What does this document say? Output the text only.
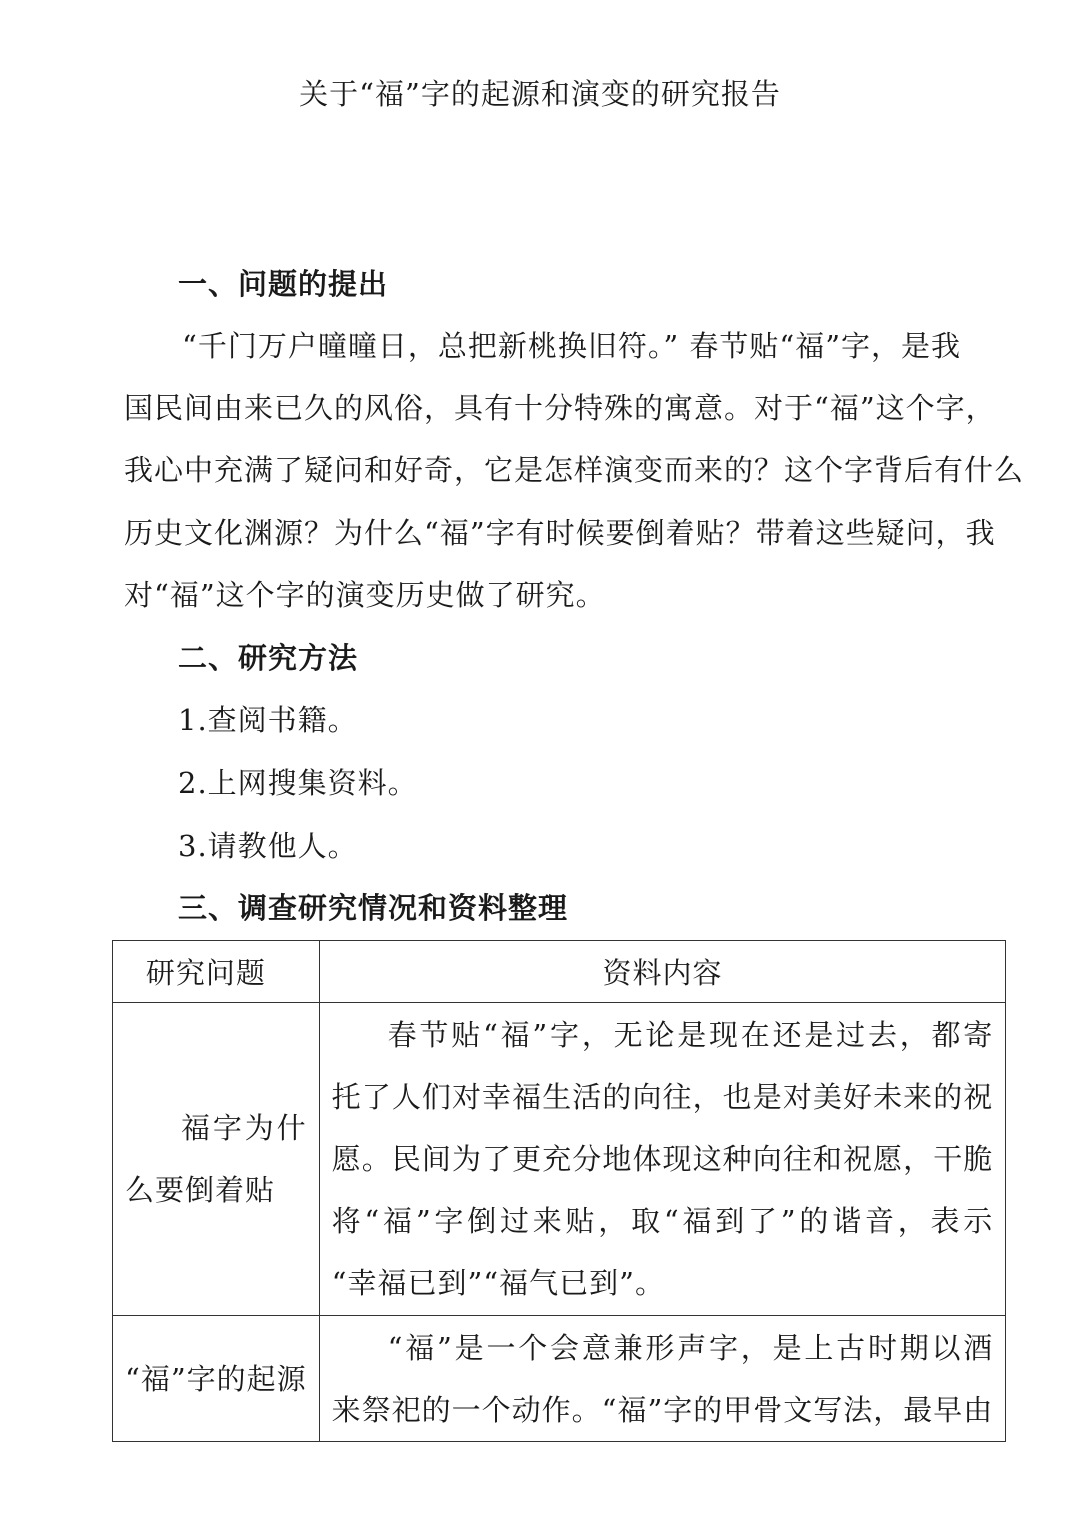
关于“福”字的起源和演变的研究报告
一、问题的提出
“千门万户曈曈日，总把新桃换旧符。” 春节贴“福”字，是我
国民间由来已久的风俗，具有十分特殊的寓意。对于“福”这个字，
我心中充满了疑问和好奇，它是怎样演变而来的？这个字背后有什么
历史文化渊源？为什么“福”字有时候要倒着贴？带着这些疑问，我
对“福”这个字的演变历史做了研究。
二、研究方法
1.查阅书籍。
2.上网搜集资料。
3.请教他人。
三、调查研究情况和资料整理
研究问题	资料内容

福字为什
么要倒着贴	春节贴“福”字，无论是现在还是过去，都寄
托了人们对幸福生活的向往，也是对美好未来的祝
愿。民间为了更充分地体现这种向往和祝愿，干脆
将“福”字倒过来贴，取“福到了”的谐音，表示
“幸福已到”“福气已到”。

“福”字的起源	“福”是一个会意兼形声字，是上古时期以酒
来祭祀的一个动作。“福”字的甲骨文写法，最早由
